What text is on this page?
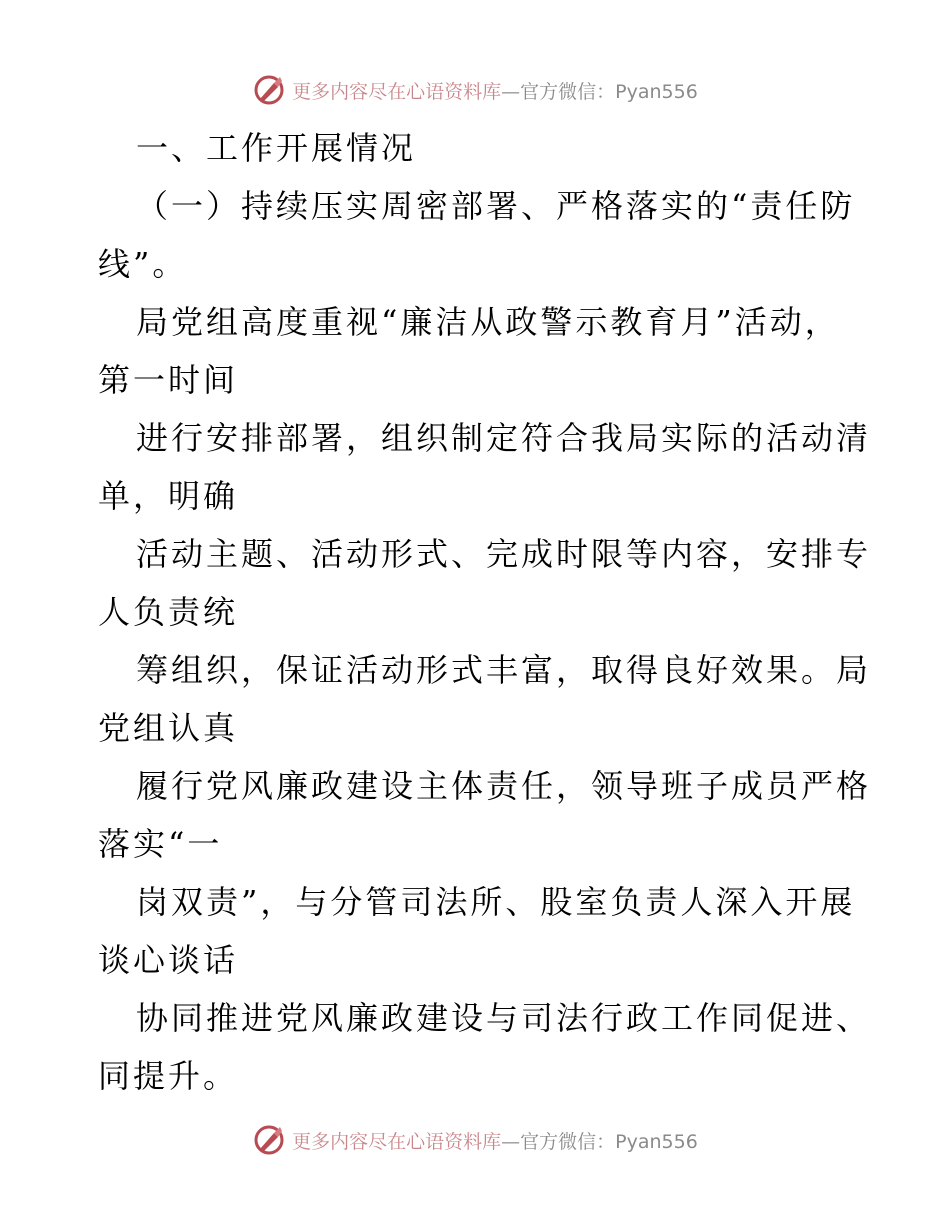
更多内容尽在心语资料库—官方微信：Pyan556
一、工作开展情况
（一）持续压实周密部署、严格落实的“责任防
线”。
局党组高度重视“廉洁从政警示教育月”活动，
第一时间
进行安排部署，组织制定符合我局实际的活动清
单，明确
活动主题、活动形式、完成时限等内容，安排专
人负责统
筹组织，保证活动形式丰富，取得良好效果。局
党组认真
履行党风廉政建设主体责任，领导班子成员严格
落实“一
岗双责”，与分管司法所、股室负责人深入开展
谈心谈话
协同推进党风廉政建设与司法行政工作同促进、
同提升。
更多内容尽在心语资料库—官方微信：Pyan556
